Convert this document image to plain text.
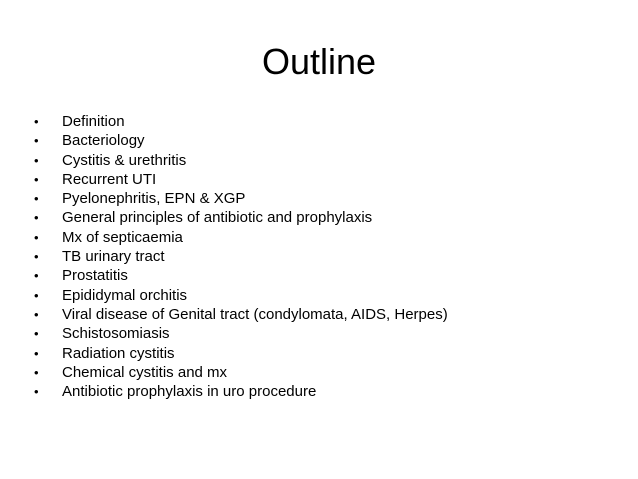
Outline
•	Definition
•	Bacteriology
•	Cystitis & urethritis
•	Recurrent UTI
•	Pyelonephritis, EPN & XGP
•	General principles of antibiotic and prophylaxis
•	Mx of septicaemia
•	TB urinary tract
•	Prostatitis
•	Epididymal orchitis
•	Viral disease of Genital tract (condylomata, AIDS, Herpes)
•	Schistosomiasis
•	Radiation cystitis
•	Chemical cystitis and mx
•	Antibiotic prophylaxis in uro procedure
